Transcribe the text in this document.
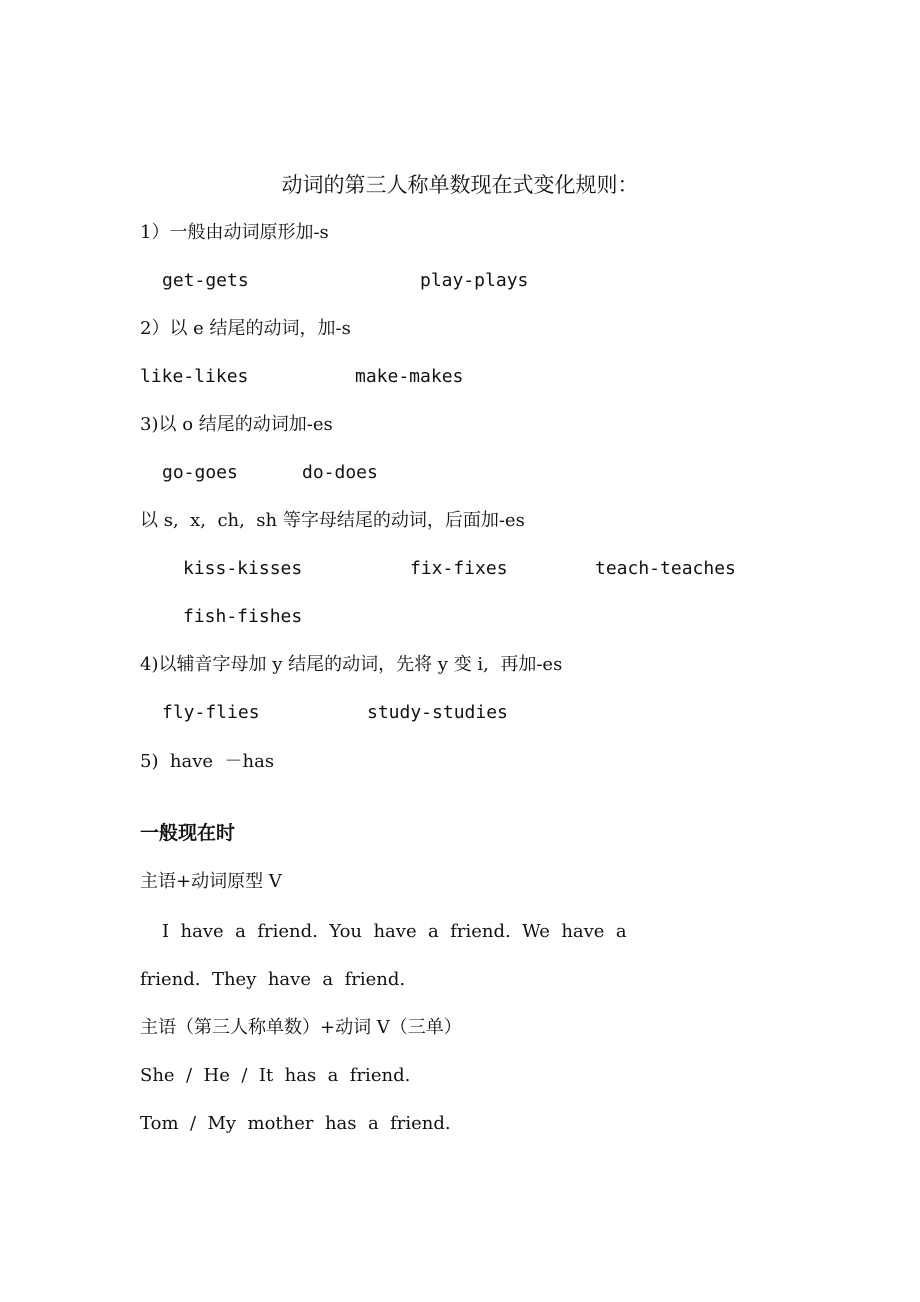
动词的第三人称单数现在式变化规则：
1）一般由动词原形加-s

get-gets

	play-plays

2）以 e 结尾的动词，加-s

like-likes

	make-makes

3)以 o 结尾的动词加-es

go-goes

	do-does

以 s,  x,  ch,  sh 等字母结尾的动词，后面加-es

kiss-kisses

	fix-fixes

	teach-teaches

fish-fishes

4)以辅音字母加 y 结尾的动词，先将 y 变 i,  再加-es

fly-flies

	study-studies

5)  have  －has
一般现在时
主语+动词原型 V
I  have  a  friend.  You  have  a  friend.  We  have  a
friend.  They  have  a  friend.
主语（第三人称单数）+动词 V（三单）
She  /  He  /  It  has  a  friend.
Tom  /  My  mother  has  a  friend.
